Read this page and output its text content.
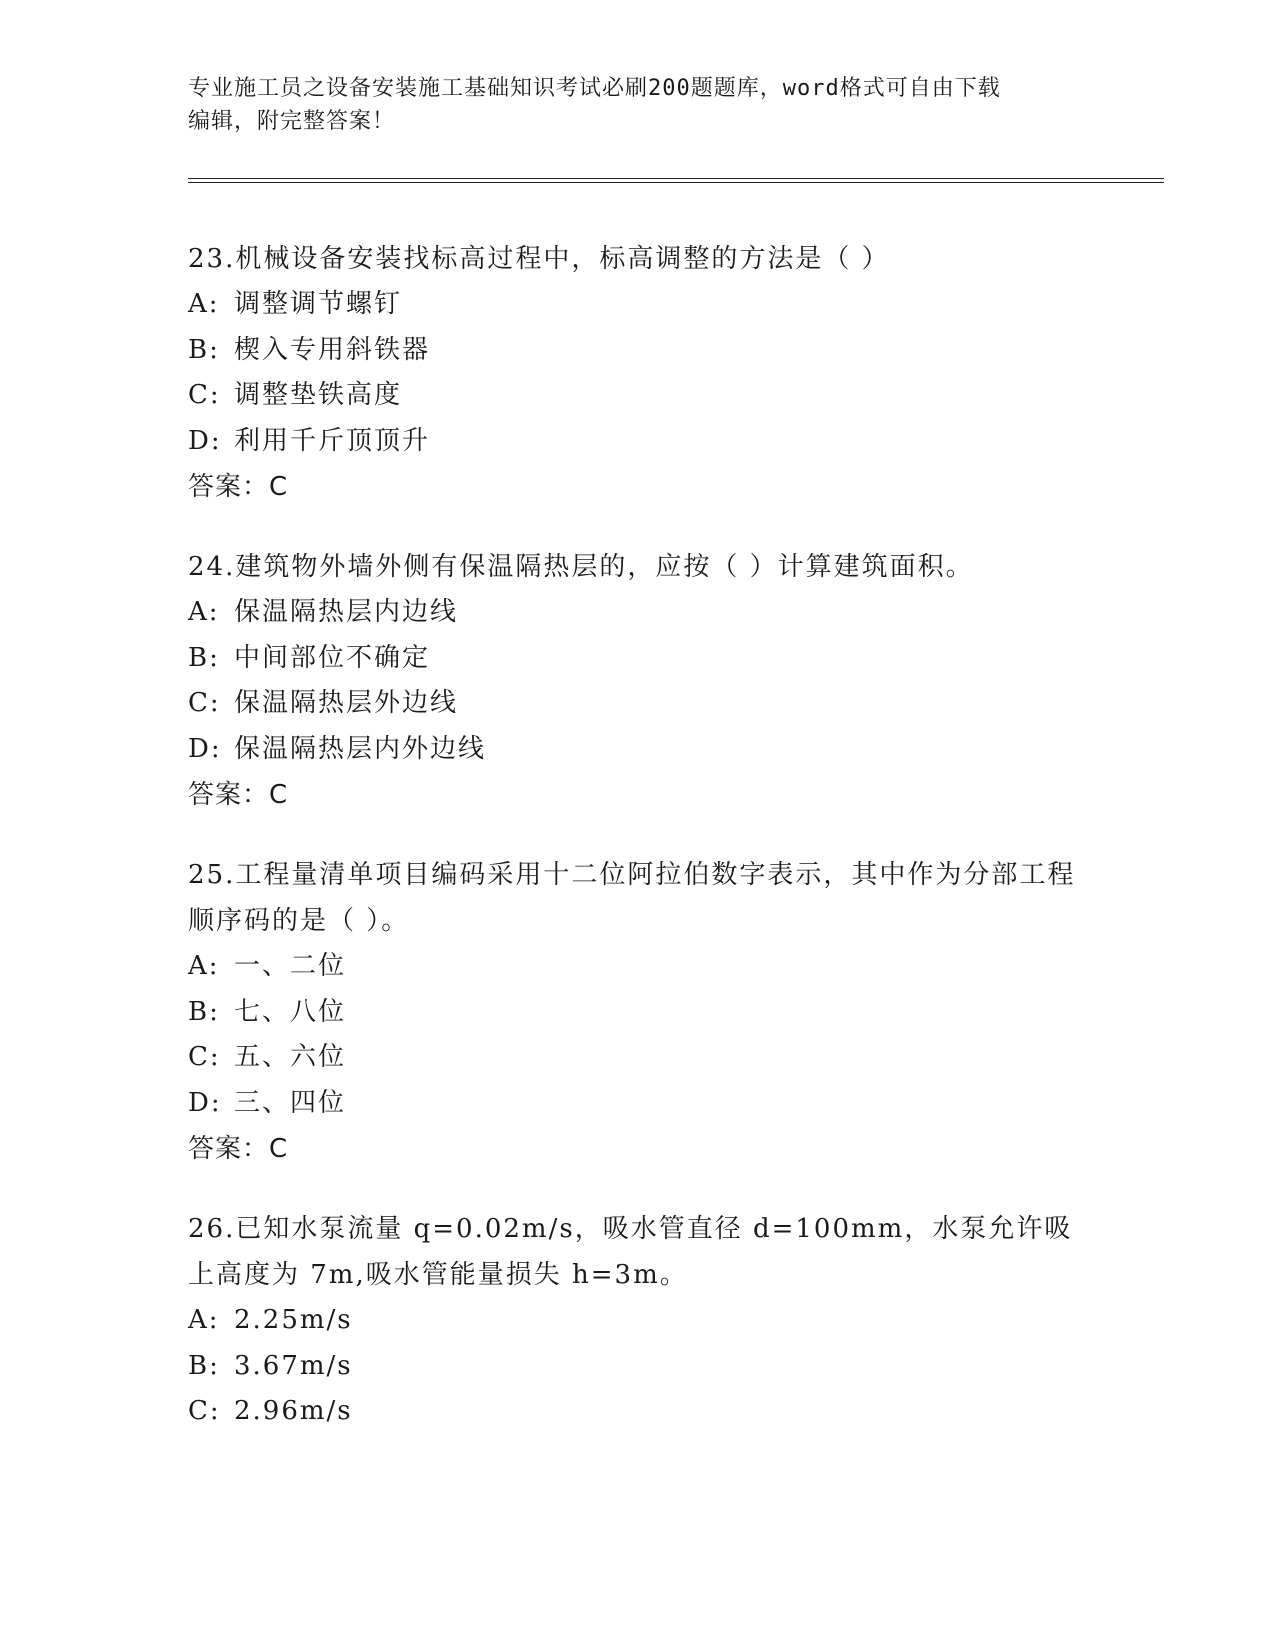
专业施工员之设备安装施工基础知识考试必刷200题题库，word格式可自由下载
编辑，附完整答案！
23.机械设备安装找标高过程中，标高调整的方法是（ ）
A: 调整调节螺钉
B: 楔入专用斜铁器
C: 调整垫铁高度
D: 利用千斤顶顶升
答案：C
24.建筑物外墙外侧有保温隔热层的，应按（ ）计算建筑面积。
A: 保温隔热层内边线
B: 中间部位不确定
C: 保温隔热层外边线
D: 保温隔热层内外边线
答案：C
25.工程量清单项目编码采用十二位阿拉伯数字表示，其中作为分部工程顺序码的是（ ）。
A: 一、二位
B: 七、八位
C: 五、六位
D: 三、四位
答案：C
26.已知水泵流量 q=0.02m/s，吸水管直径 d=100mm，水泵允许吸上高度为 7m,吸水管能量损失 h=3m。
A: 2.25m/s
B: 3.67m/s
C: 2.96m/s
